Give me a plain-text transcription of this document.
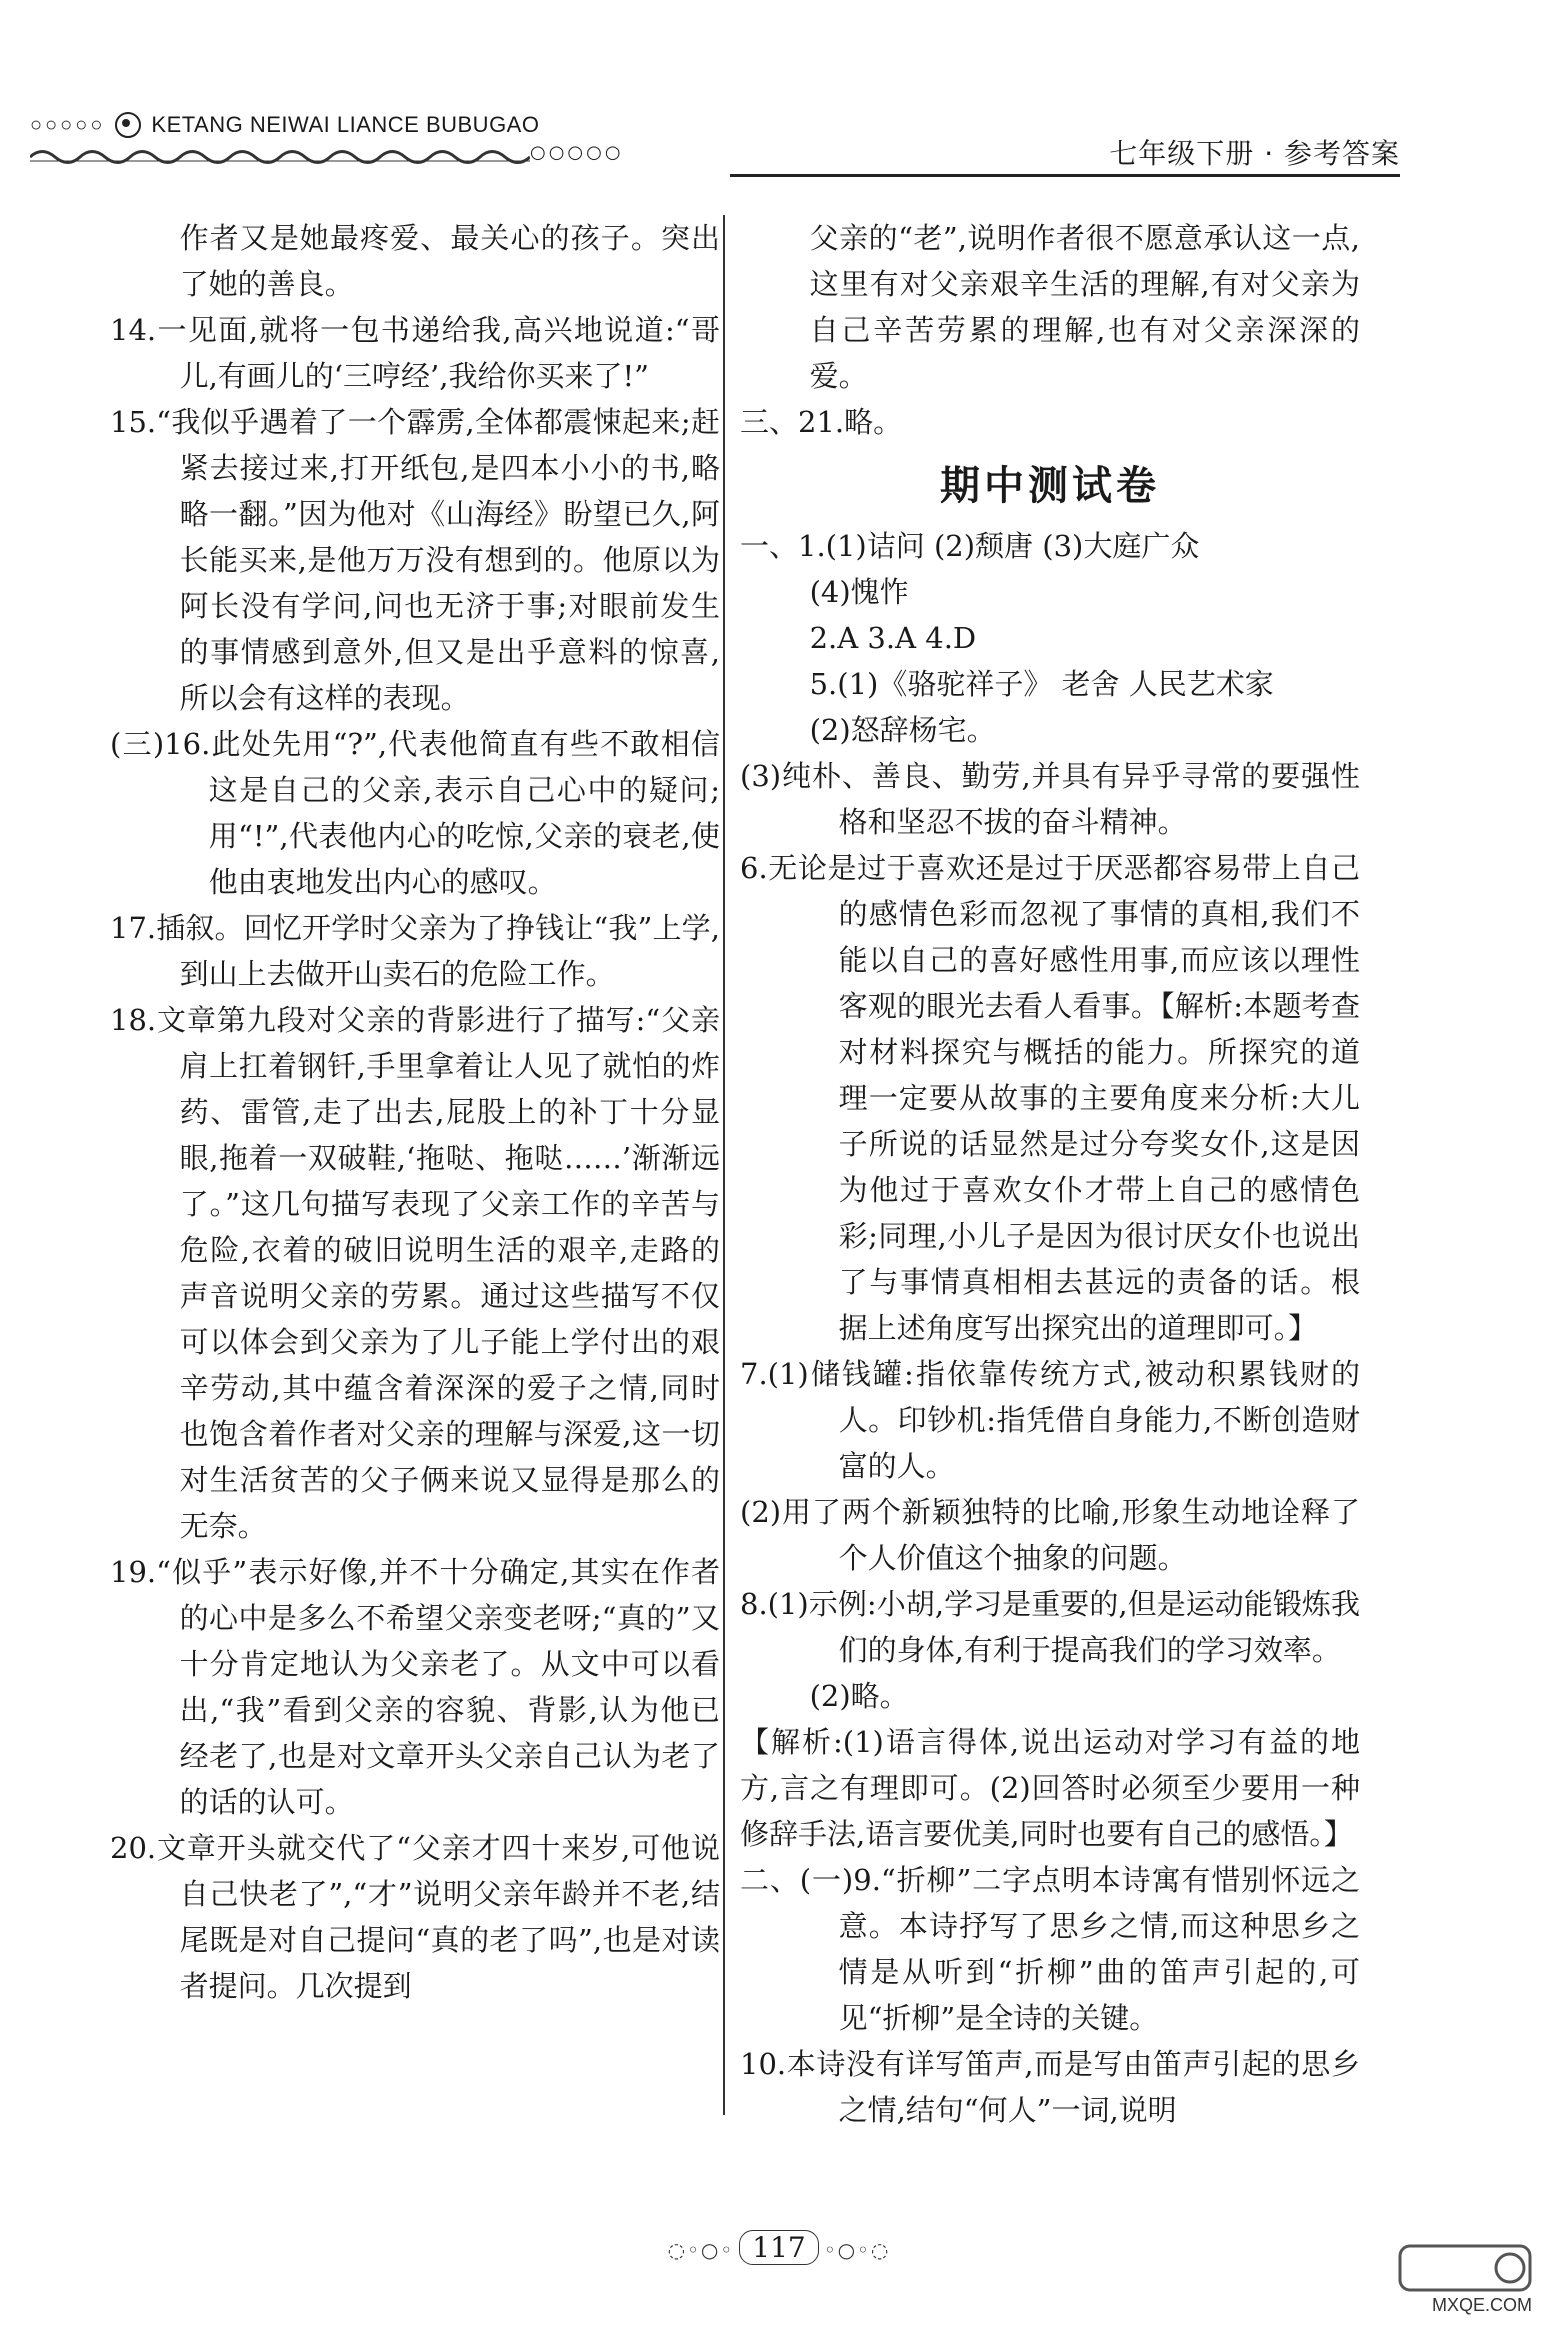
○○○○○ KETANG NEIWAI LIANCE BUBUGAO
○○○○○	七年级下册 · 参考答案

作者又是她最疼爱、最关心的孩子。突出了她的善良。

14.一见面,就将一包书递给我,高兴地说道:“哥儿,有画儿的‘三哼经’,我给你买来了!”

15.“我似乎遇着了一个霹雳,全体都震悚起来;赶紧去接过来,打开纸包,是四本小小的书,略略一翻。”因为他对《山海经》盼望已久,阿长能买来,是他万万没有想到的。他原以为阿长没有学问,问也无济于事;对眼前发生的事情感到意外,但又是出乎意料的惊喜,所以会有这样的表现。

(三)16.此处先用“?”,代表他简直有些不敢相信这是自己的父亲,表示自己心中的疑问;用“!”,代表他内心的吃惊,父亲的衰老,使他由衷地发出内心的感叹。

17.插叙。回忆开学时父亲为了挣钱让“我”上学,到山上去做开山卖石的危险工作。

18.文章第九段对父亲的背影进行了描写:“父亲肩上扛着钢钎,手里拿着让人见了就怕的炸药、雷管,走了出去,屁股上的补丁十分显眼,拖着一双破鞋,‘拖哒、拖哒……’渐渐远了。”这几句描写表现了父亲工作的辛苦与危险,衣着的破旧说明生活的艰辛,走路的声音说明父亲的劳累。通过这些描写不仅可以体会到父亲为了儿子能上学付出的艰辛劳动,其中蕴含着深深的爱子之情,同时也饱含着作者对父亲的理解与深爱,这一切对生活贫苦的父子俩来说又显得是那么的无奈。

19.“似乎”表示好像,并不十分确定,其实在作者的心中是多么不希望父亲变老呀;“真的”又十分肯定地认为父亲老了。从文中可以看出,“我”看到父亲的容貌、背影,认为他已经老了,也是对文章开头父亲自己认为老了的话的认可。

20.文章开头就交代了“父亲才四十来岁,可他说自己快老了”,“才”说明父亲年龄并不老,结尾既是对自己提问“真的老了吗”,也是对读者提问。几次提到

父亲的“老”,说明作者很不愿意承认这一点,这里有对父亲艰辛生活的理解,有对父亲为自己辛苦劳累的理解,也有对父亲深深的爱。

三、21.略。

期中测试卷

一、1.(1)诘问 (2)颓唐 (3)大庭广众

(4)愧怍

2.A 3.A 4.D

5.(1)《骆驼祥子》 老舍 人民艺术家

(2)怒辞杨宅。

(3)纯朴、善良、勤劳,并具有异乎寻常的要强性格和坚忍不拔的奋斗精神。

6.无论是过于喜欢还是过于厌恶都容易带上自己的感情色彩而忽视了事情的真相,我们不能以自己的喜好感性用事,而应该以理性客观的眼光去看人看事。【解析:本题考查对材料探究与概括的能力。所探究的道理一定要从故事的主要角度来分析:大儿子所说的话显然是过分夸奖女仆,这是因为他过于喜欢女仆才带上自己的感情色彩;同理,小儿子是因为很讨厌女仆也说出了与事情真相相去甚远的责备的话。根据上述角度写出探究出的道理即可。】

7.(1)储钱罐:指依靠传统方式,被动积累钱财的人。印钞机:指凭借自身能力,不断创造财富的人。

(2)用了两个新颖独特的比喻,形象生动地诠释了个人价值这个抽象的问题。

8.(1)示例:小胡,学习是重要的,但是运动能锻炼我们的身体,有利于提高我们的学习效率。

(2)略。

【解析:(1)语言得体,说出运动对学习有益的地方,言之有理即可。(2)回答时必须至少要用一种修辞手法,语言要优美,同时也要有自己的感悟。】

二、(一)9.“折柳”二字点明本诗寓有惜别怀远之意。本诗抒写了思乡之情,而这种思乡之情是从听到“折柳”曲的笛声引起的,可见“折柳”是全诗的关键。

10.本诗没有详写笛声,而是写由笛声引起的思乡之情,结句“何人”一词,说明

◌◦○◦ 117 ◦○◦◌
MXQE.COM
